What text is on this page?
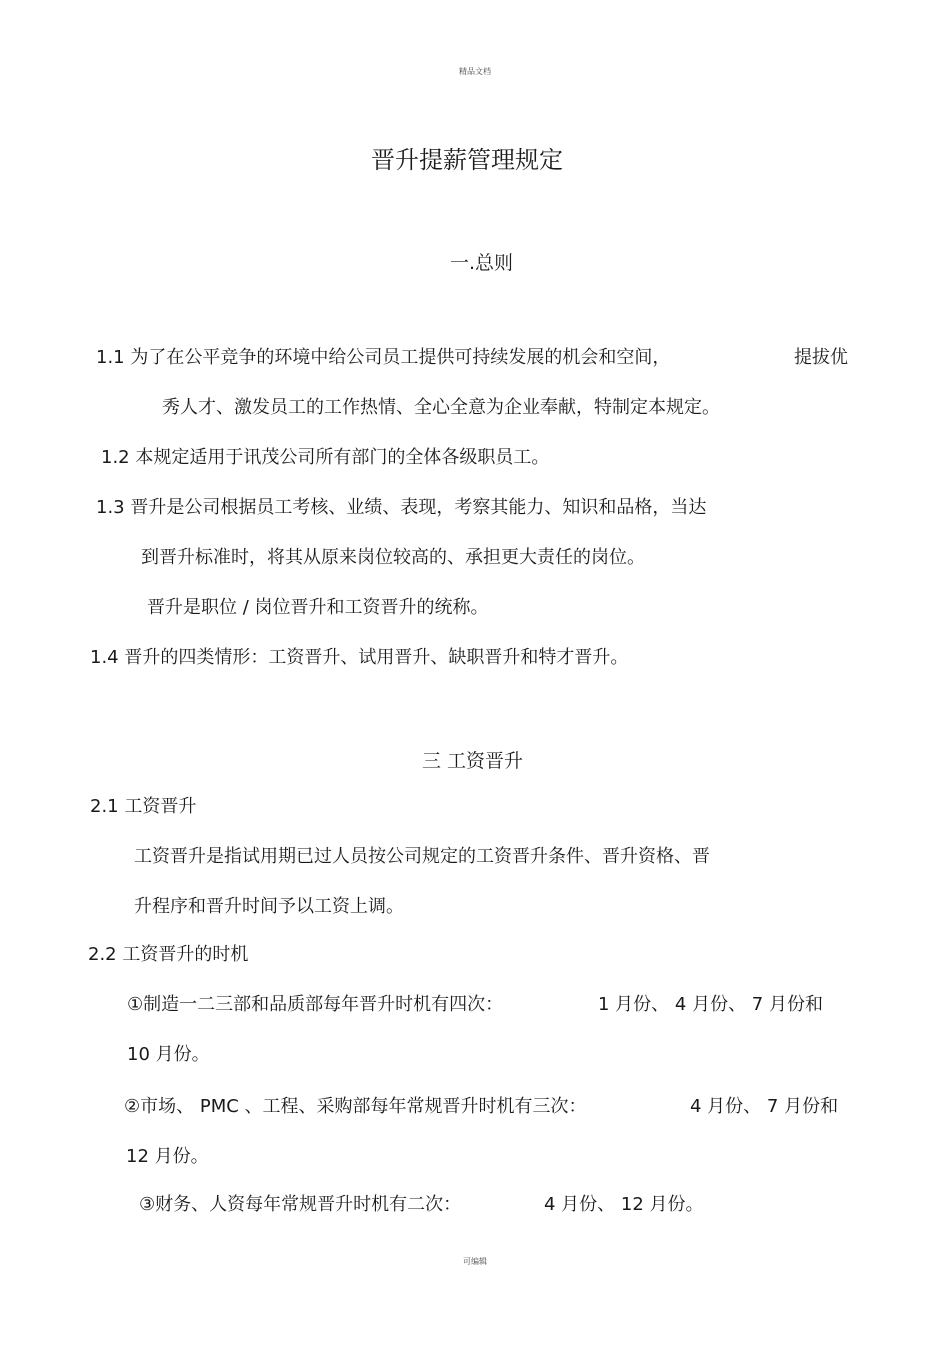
精品文档
晋升提薪管理规定
一.总则
1.1 为了在公平竞争的环境中给公司员工提供可持续发展的机会和空间，	提拔优
秀人才、激发员工的工作热情、全心全意为企业奉献，特制定本规定。
1.2 本规定适用于讯茂公司所有部门的全体各级职员工。
1.3 晋升是公司根据员工考核、业绩、表现，考察其能力、知识和品格，当达
到晋升标准时，将其从原来岗位较高的、承担更大责任的岗位。
晋升是职位 / 岗位晋升和工资晋升的统称。
1.4 晋升的四类情形：工资晋升、试用晋升、缺职晋升和特才晋升。
三 工资晋升
2.1 工资晋升
工资晋升是指试用期已过人员按公司规定的工资晋升条件、晋升资格、晋
升程序和晋升时间予以工资上调。
2.2 工资晋升的时机
①制造一二三部和品质部每年晋升时机有四次：	1 月份、 4 月份、 7 月份和
10 月份。
②市场、 PMC 、工程、采购部每年常规晋升时机有三次：	4 月份、 7 月份和
12 月份。
③财务、人资每年常规晋升时机有二次：	4 月份、 12 月份。
可编辑
